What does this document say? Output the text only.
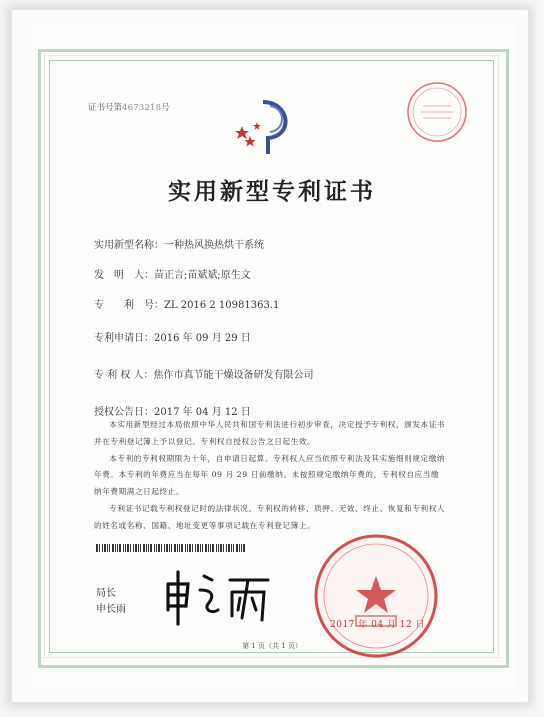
证书号第4673218号
实用新型专利证书
实用新型名称：一种热风换热烘干系统
发　明　人：苗正言;苗斌斌;原生文
专　　利　号：ZL 2016 2 10981363.1
专利申请日：2016 年 09 月 29 日
专 利 权 人：焦作市真节能干燥设备研发有限公司
授权公告日：2017 年 04 月 12 日

本实用新型经过本局依照中华人民共和国专利法进行初步审查，决定授予专利权，颁发本证书并在专利登记簿上予以登记。专利权自授权公告之日起生效。

本专利的专利权期限为十年，自申请日起算。专利权人应当依照专利法及其实施细则规定缴纳年费。本专利的年费应当在每年 09 月 29 日前缴纳。未按照规定缴纳年费的，专利权自应当缴纳年费期满之日起终止。

专利证书记载专利权登记时的法律状况。专利权的转移、质押、无效、终止、恢复和专利权人的姓名或名称、国籍、地址变更等事项记载在专利登记簿上。

局长
申长雨
2017 年 04 月 12 日
第 1 页（共 1 页）
